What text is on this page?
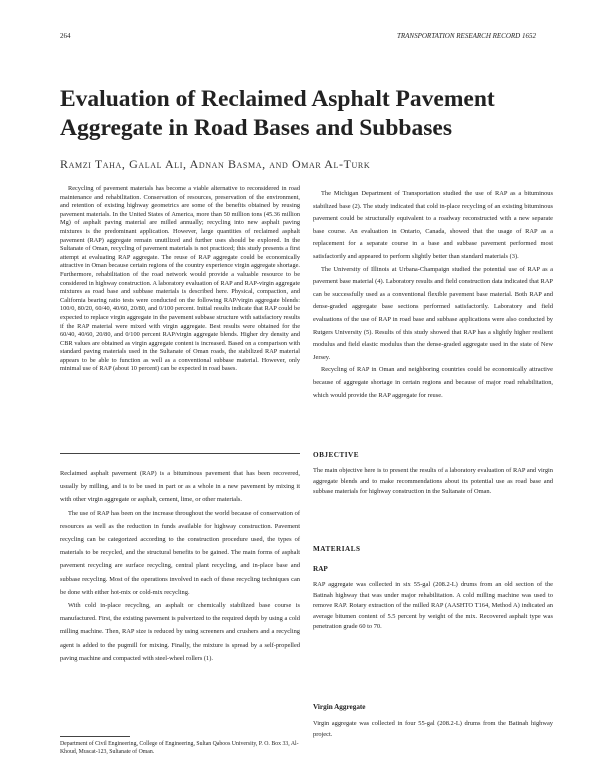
264	TRANSPORTATION RESEARCH RECORD 1652
Evaluation of Reclaimed Asphalt Pavement Aggregate in Road Bases and Subbases
Ramzi Taha, Galal Ali, Adnan Basma, and Omar Al-Turk

Recycling of pavement materials has become a viable alternative to reconsidered in road maintenance and rehabilitation. Conservation of resources, preservation of the environment, and retention of existing highway geometrics are some of the benefits obtained by reusing pavement materials. In the United States of America, more than 50 million tons (45.36 million Mg) of asphalt paving material are milled annually; recycling into new asphalt paving mixtures is the predominant application. However, large quantities of reclaimed asphalt pavement (RAP) aggregate remain unutilized and further uses should be explored. In the Sultanate of Oman, recycling of pavement materials is not practiced; this study presents a first attempt at evaluating RAP aggregate. The reuse of RAP aggregate could be economically attractive in Oman because certain regions of the country experience virgin aggregate shortage. Furthermore, rehabilitation of the road network would provide a valuable resource to be considered in highway construction. A laboratory evaluation of RAP and RAP-virgin aggregate mixtures as road base and subbase materials is described here. Physical, compaction, and California bearing ratio tests were conducted on the following RAP/virgin aggregate blends: 100/0, 80/20, 60/40, 40/60, 20/80, and 0/100 percent. Initial results indicate that RAP could be expected to replace virgin aggregate in the pavement subbase structure with satisfactory results if the RAP material were mixed with virgin aggregate. Best results were obtained for the 60/40, 40/60, 20/80, and 0/100 percent RAP/virgin aggregate blends. Higher dry density and CBR values are obtained as virgin aggregate content is increased. Based on a comparison with standard paving materials used in the Sultanate of Oman roads, the stabilized RAP material appears to be able to function as well as a conventional subbase material. However, only minimal use of RAP (about 10 percent) can be expected in road bases.

Reclaimed asphalt pavement (RAP) is a bituminous pavement that has been recovered, usually by milling, and is to be used in part or as a whole in a new pavement by mixing it with other virgin aggregate or asphalt, cement, lime, or other materials.

The use of RAP has been on the increase throughout the world because of conservation of resources as well as the reduction in funds available for highway construction. Pavement recycling can be categorized according to the construction procedure used, the types of materials to be recycled, and the structural benefits to be gained. The main forms of asphalt pavement recycling are surface recycling, central plant recycling, and in-place base and subbase recycling. Most of the operations involved in each of these recycling techniques can be done with either hot-mix or cold-mix recycling.

With cold in-place recycling, an asphalt or chemically stabilized base course is manufactured. First, the existing pavement is pulverized to the required depth by using a cold milling machine. Then, RAP size is reduced by using screeners and crushers and a recycling agent is added to the pugmill for mixing. Finally, the mixture is spread by a self-propelled paving machine and compacted with steel-wheel rollers (1).

The Michigan Department of Transportation studied the use of RAP as a bituminous stabilized base (2). The study indicated that cold in-place recycling of an existing bituminous pavement could be structurally equivalent to a roadway reconstructed with a new separate base course. An evaluation in Ontario, Canada, showed that the usage of RAP as a replacement for a separate course in a base and subbase pavement performed most satisfactorily and appeared to perform slightly better than standard materials (3).

The University of Illinois at Urbana-Champaign studied the potential use of RAP as a pavement base material (4). Laboratory results and field construction data indicated that RAP can be successfully used as a conventional flexible pavement base material. Both RAP and dense-graded aggregate base sections performed satisfactorily. Laboratory and field evaluations of the use of RAP in road base and subbase applications were also conducted by Rutgers University (5). Results of this study showed that RAP has a slightly higher resilient modulus and field elastic modulus than the dense-graded aggregate used in the state of New Jersey.

Recycling of RAP in Oman and neighboring countries could be economically attractive because of aggregate shortage in certain regions and because of major road rehabilitation, which would provide the RAP aggregate for reuse.

OBJECTIVE

The main objective here is to present the results of a laboratory evaluation of RAP and virgin aggregate blends and to make recommendations about its potential use as road base and subbase materials for highway construction in the Sultanate of Oman.

MATERIALS
RAP

RAP aggregate was collected in six 55-gal (208.2-L) drums from an old section of the Batinah highway that was under major rehabilitation. A cold milling machine was used to remove RAP. Rotary extraction of the milled RAP (AASHTO T164, Method A) indicated an average bitumen content of 5.5 percent by weight of the mix. Recovered asphalt type was penetration grade 60 to 70.

Virgin Aggregate

Virgin aggregate was collected in four 55-gal (208.2-L) drums from the Batinah highway project.

Department of Civil Engineering, College of Engineering, Sultan Qaboos University, P. O. Box 33, Al-Khoud, Muscat-123, Sultanate of Oman.
